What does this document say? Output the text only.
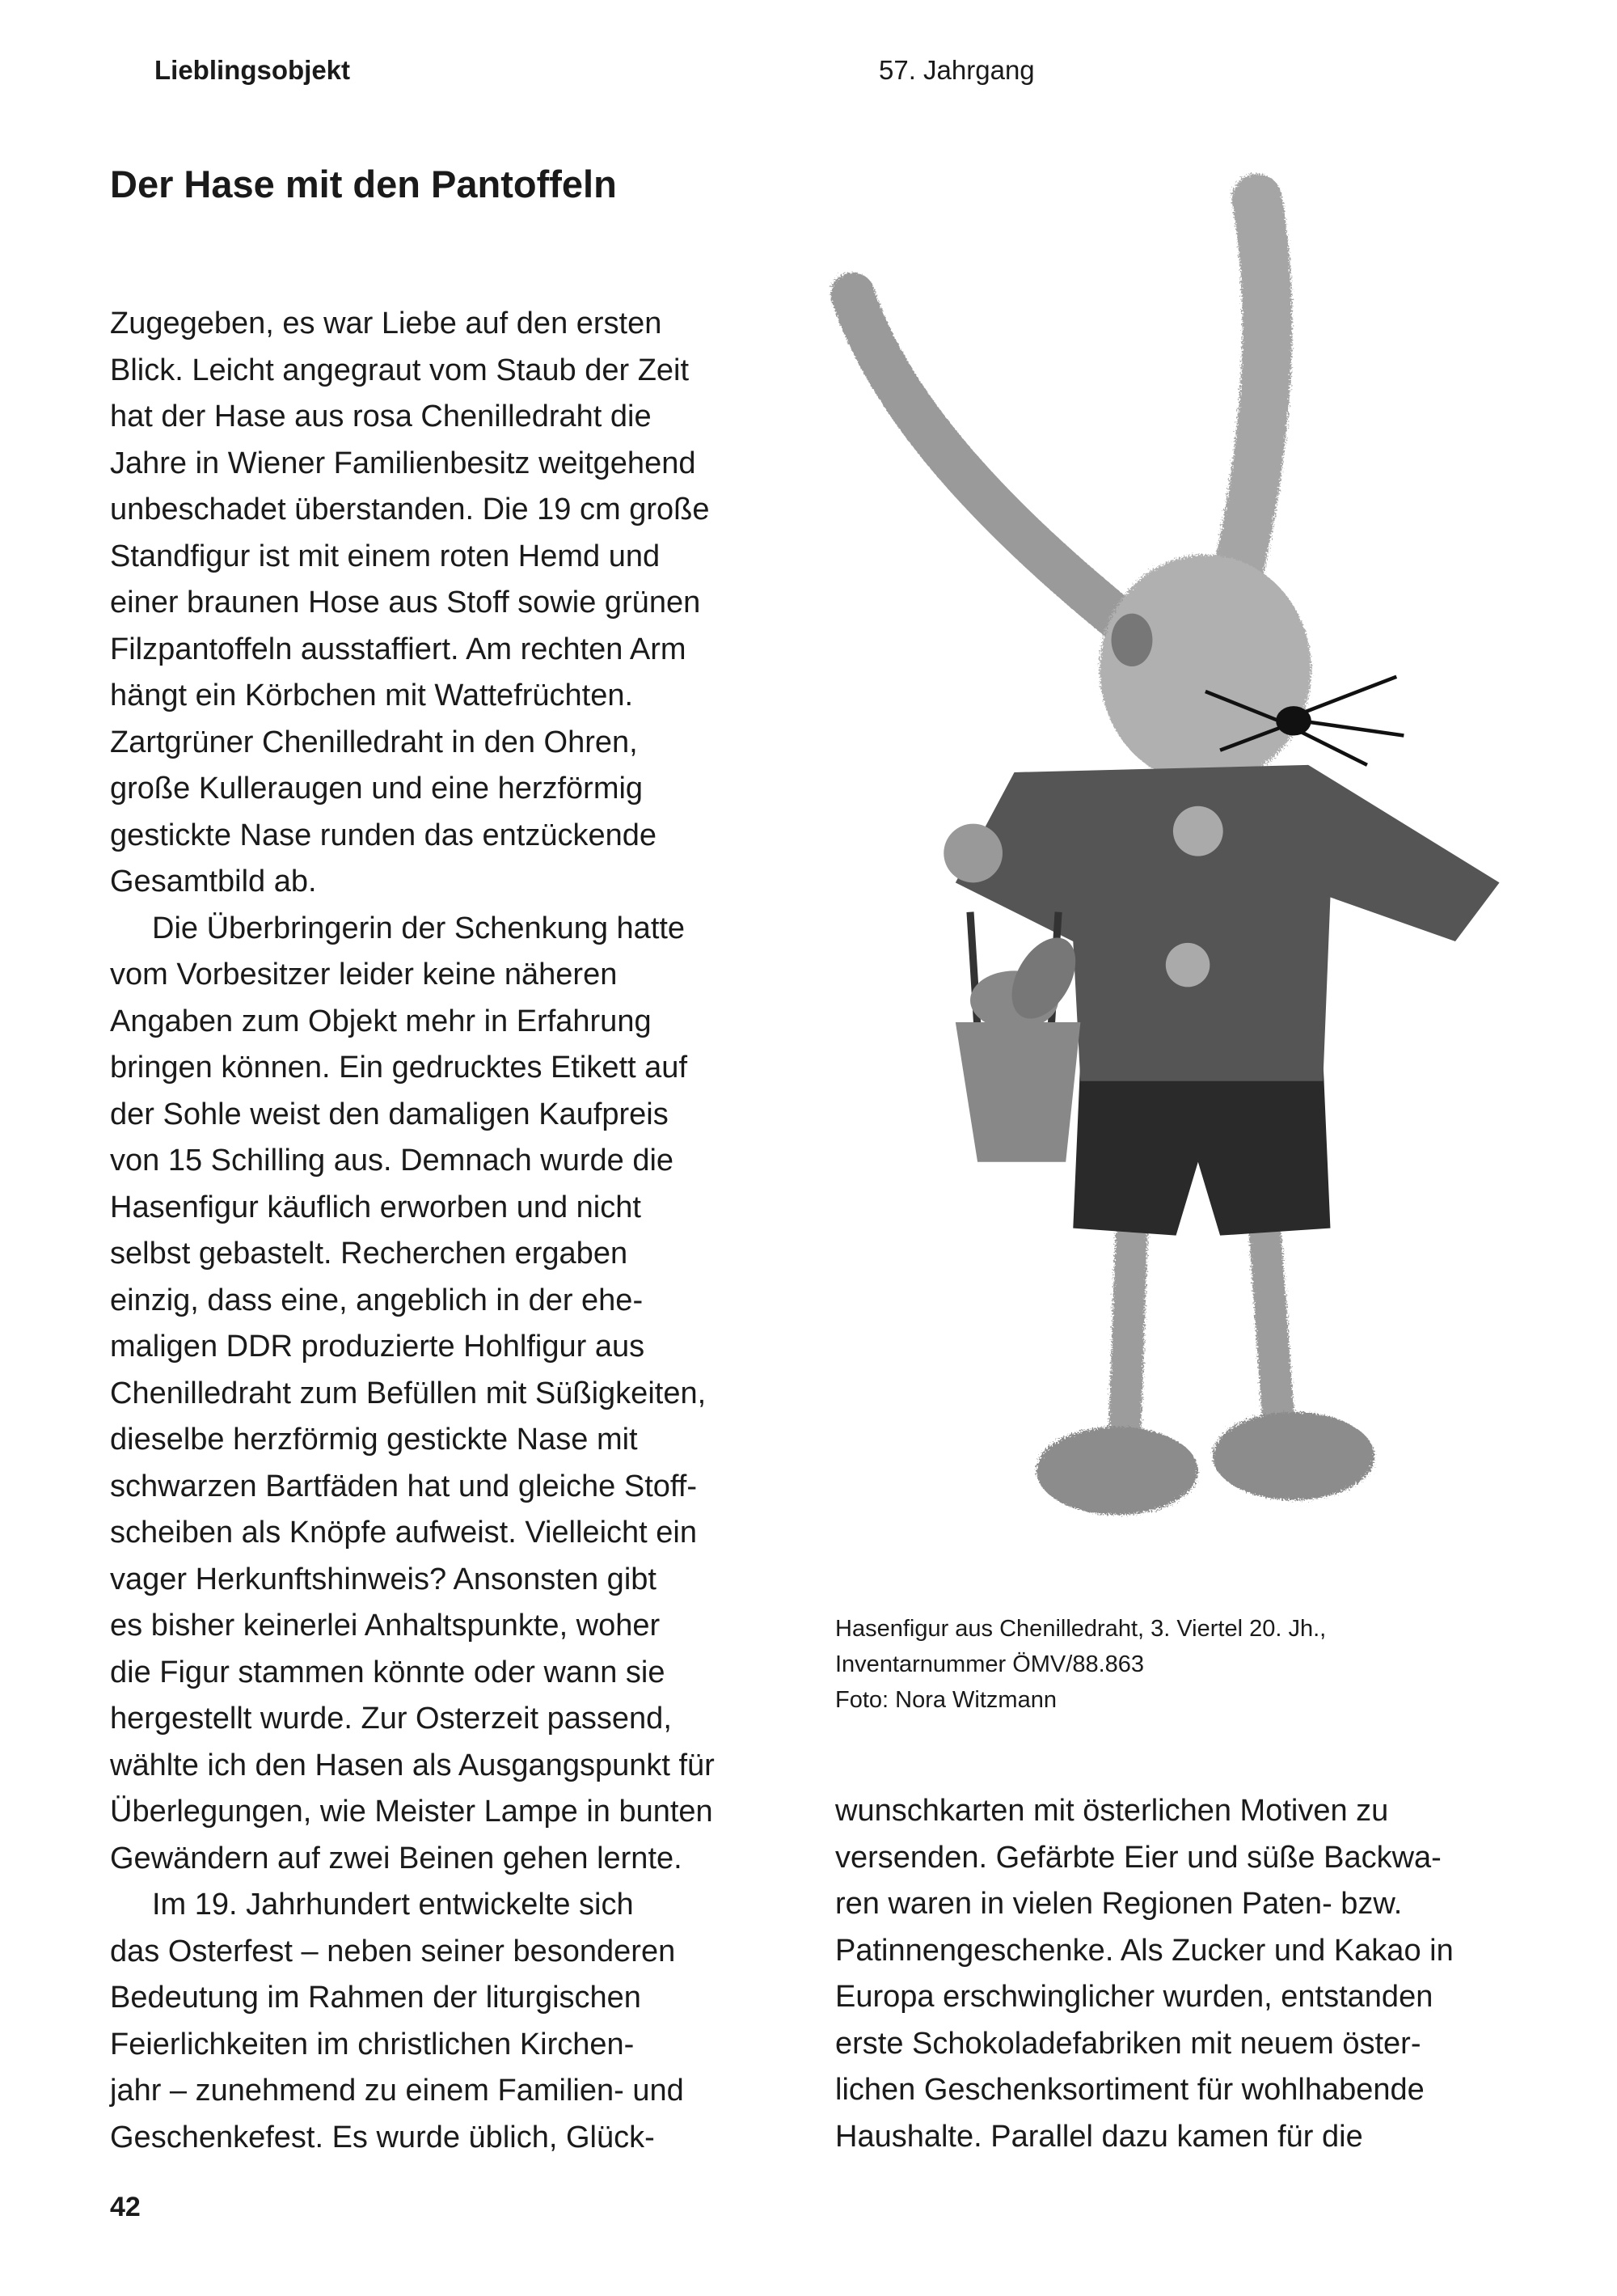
Lieblingsobjekt	57. Jahrgang
Der Hase mit den Pantoffeln
Zugegeben, es war Liebe auf den ersten
Blick. Leicht angegraut vom Staub der Zeit
hat der Hase aus rosa Chenilledraht die
Jahre in Wiener Familienbesitz weitgehend
unbeschadet überstanden. Die 19 cm große
Standfigur ist mit einem roten Hemd und
einer braunen Hose aus Stoff sowie grünen
Filzpantoffeln ausstaffiert. Am rechten Arm
hängt ein Körbchen mit Wattefrüchten.
Zartgrüner Chenilledraht in den Ohren,
große Kulleraugen und eine herzförmig
gestickte Nase runden das entzückende
Gesamtbild ab.
Die Überbringerin der Schenkung hatte
vom Vorbesitzer leider keine näheren
Angaben zum Objekt mehr in Erfahrung
bringen können. Ein gedrucktes Etikett auf
der Sohle weist den damaligen Kaufpreis
von 15 Schilling aus. Demnach wurde die
Hasenfigur käuflich erworben und nicht
selbst gebastelt. Recherchen ergaben
einzig, dass eine, angeblich in der ehe-
maligen DDR produzierte Hohlfigur aus
Chenilledraht zum Befüllen mit Süßigkeiten,
dieselbe herzförmig gestickte Nase mit
schwarzen Bartfäden hat und gleiche Stoff-
scheiben als Knöpfe aufweist. Vielleicht ein
vager Herkunftshinweis? Ansonsten gibt
es bisher keinerlei Anhaltspunkte, woher
die Figur stammen könnte oder wann sie
hergestellt wurde. Zur Osterzeit passend,
wählte ich den Hasen als Ausgangspunkt für
Überlegungen, wie Meister Lampe in bunten
Gewändern auf zwei Beinen gehen lernte.
Im 19. Jahrhundert entwickelte sich
das Osterfest – neben seiner besonderen
Bedeutung im Rahmen der liturgischen
Feierlichkeiten im christlichen Kirchen-
jahr – zunehmend zu einem Familien- und
Geschenkefest. Es wurde üblich, Glück-
Hasenfigur aus Chenilledraht, 3. Viertel 20. Jh.,
Inventarnummer ÖMV/88.863
Foto: Nora Witzmann
wunschkarten mit österlichen Motiven zu
versenden. Gefärbte Eier und süße Backwa-
ren waren in vielen Regionen Paten- bzw.
Patinnengeschenke. Als Zucker und Kakao in
Europa erschwinglicher wurden, entstanden
erste Schokoladefabriken mit neuem öster-
lichen Geschenksortiment für wohlhabende
Haushalte. Parallel dazu kamen für die
42
